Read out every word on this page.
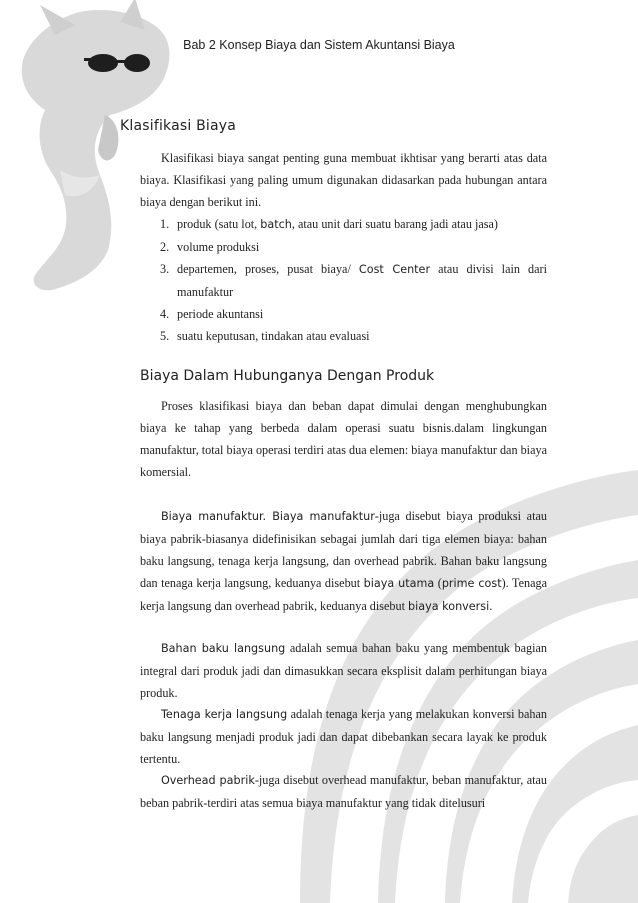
Bab 2 Konsep Biaya dan Sistem Akuntansi Biaya
Klasifikasi Biaya

Klasifikasi biaya sangat penting guna membuat ikhtisar yang berarti atas data biaya. Klasifikasi yang paling umum digunakan didasarkan pada hubungan antara biaya dengan berikut ini.

1. produk (satu lot, batch, atau unit dari suatu barang jadi atau jasa)
2. volume produksi
3. departemen, proses, pusat biaya/ Cost Center atau divisi lain dari manufaktur
4. periode akuntansi
5. suatu keputusan, tindakan atau evaluasi
Biaya Dalam Hubunganya Dengan Produk

Proses klasifikasi biaya dan beban dapat dimulai dengan menghubungkan biaya ke tahap yang berbeda dalam operasi suatu bisnis.dalam lingkungan manufaktur, total biaya operasi terdiri atas dua elemen: biaya manufaktur dan biaya komersial.

Biaya manufaktur. Biaya manufaktur-juga disebut biaya produksi atau biaya pabrik-biasanya didefinisikan sebagai jumlah dari tiga elemen biaya: bahan baku langsung, tenaga kerja langsung, dan overhead pabrik. Bahan baku langsung dan tenaga kerja langsung, keduanya disebut biaya utama (prime cost). Tenaga kerja langsung dan overhead pabrik, keduanya disebut biaya konversi.

Bahan baku langsung adalah semua bahan baku yang membentuk bagian integral dari produk jadi dan dimasukkan secara eksplisit dalam perhitungan biaya produk.

Tenaga kerja langsung adalah tenaga kerja yang melakukan konversi bahan baku langsung menjadi produk jadi dan dapat dibebankan secara layak ke produk tertentu.

Overhead pabrik-juga disebut overhead manufaktur, beban manufaktur, atau beban pabrik-terdiri atas semua biaya manufaktur yang tidak ditelusuri
